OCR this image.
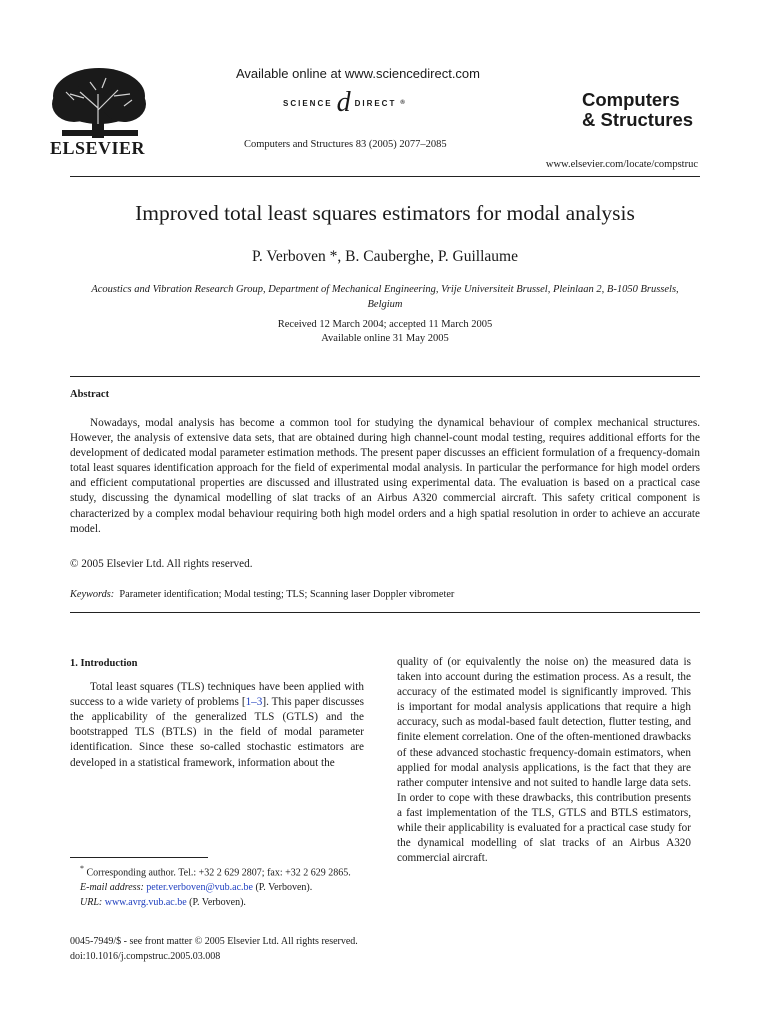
ELSEVIER
Available online at www.sciencedirect.com
SCIENCE d DIRECT ®
Computers and Structures 83 (2005) 2077–2085
Computers
& Structures
www.elsevier.com/locate/compstruc
Improved total least squares estimators for modal analysis
P. Verboven *, B. Cauberghe, P. Guillaume
Acoustics and Vibration Research Group, Department of Mechanical Engineering, Vrije Universiteit Brussel, Pleinlaan 2, B-1050 Brussels, Belgium
Received 12 March 2004; accepted 11 March 2005
Available online 31 May 2005
Abstract

Nowadays, modal analysis has become a common tool for studying the dynamical behaviour of complex mechanical structures. However, the analysis of extensive data sets, that are obtained during high channel-count modal testing, requires additional efforts for the development of dedicated modal parameter estimation methods. The present paper discusses an efficient formulation of a frequency-domain total least squares identification approach for the field of experimental modal analysis. In particular the performance for high model orders and efficient computational properties are discussed and illustrated using experimental data. The evaluation is based on a practical case study, discussing the dynamical modelling of slat tracks of an Airbus A320 commercial aircraft. This safety critical component is characterized by a complex modal behaviour requiring both high model orders and a high spatial resolution in order to achieve an accurate model.

© 2005 Elsevier Ltd. All rights reserved.
Keywords: Parameter identification; Modal testing; TLS; Scanning laser Doppler vibrometer
1. Introduction

Total least squares (TLS) techniques have been applied with success to a wide variety of problems [1–3]. This paper discusses the applicability of the generalized TLS (GTLS) and the bootstrapped TLS (BTLS) in the field of modal parameter identification. Since these so-called stochastic estimators are developed in a statistical framework, information about the

quality of (or equivalently the noise on) the measured data is taken into account during the estimation process. As a result, the accuracy of the estimated model is significantly improved. This is important for modal analysis applications that require a high accuracy, such as modal-based fault detection, flutter testing, and finite element correlation. One of the often-mentioned drawbacks of these advanced stochastic frequency-domain estimators, when applied for modal analysis applications, is the fact that they are rather computer intensive and not suited to handle large data sets. In order to cope with these drawbacks, this contribution presents a fast implementation of the TLS, GTLS and BTLS estimators, while their applicability is evaluated for a practical case study for the dynamical modelling of slat tracks of an Airbus A320 commercial aircraft.

* Corresponding author. Tel.: +32 2 629 2807; fax: +32 2 629 2865.
E-mail address: peter.verboven@vub.ac.be (P. Verboven).
URL: www.avrg.vub.ac.be (P. Verboven).
0045-7949/$ - see front matter © 2005 Elsevier Ltd. All rights reserved.
doi:10.1016/j.compstruc.2005.03.008
